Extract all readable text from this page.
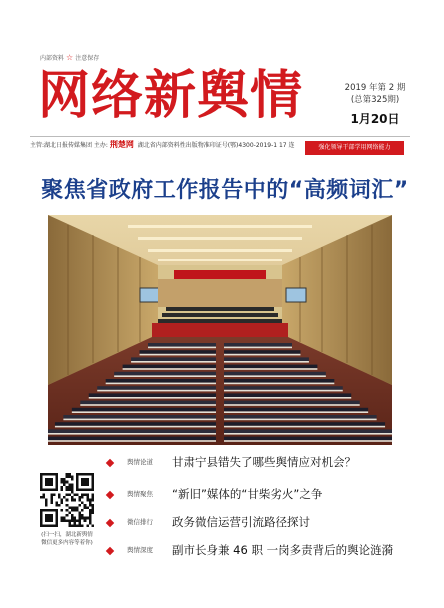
内部资料 ☆ 注意保存
网络新舆情	2019 年第 2 期
(总第325期)
1月20日
主管:湖北日报传媒集团 主办: 荆楚网 湖北省内部资料性出版物准印证号(鄂)4300-2019-1 17 连	强化领导干部学用网络能力
聚焦省政府工作报告中的“高频词汇”
(扫一扫，湖北新舆情
微信更多内容等着你)
舆情论道 甘肃宁县错失了哪些舆情应对机会？
舆情聚焦 “新旧”媒体的“甘柴劣火”之争
微信排行 政务微信运营引流路径探讨
舆情深度 副市长身兼 46 职 一岗多责背后的舆论涟漪
